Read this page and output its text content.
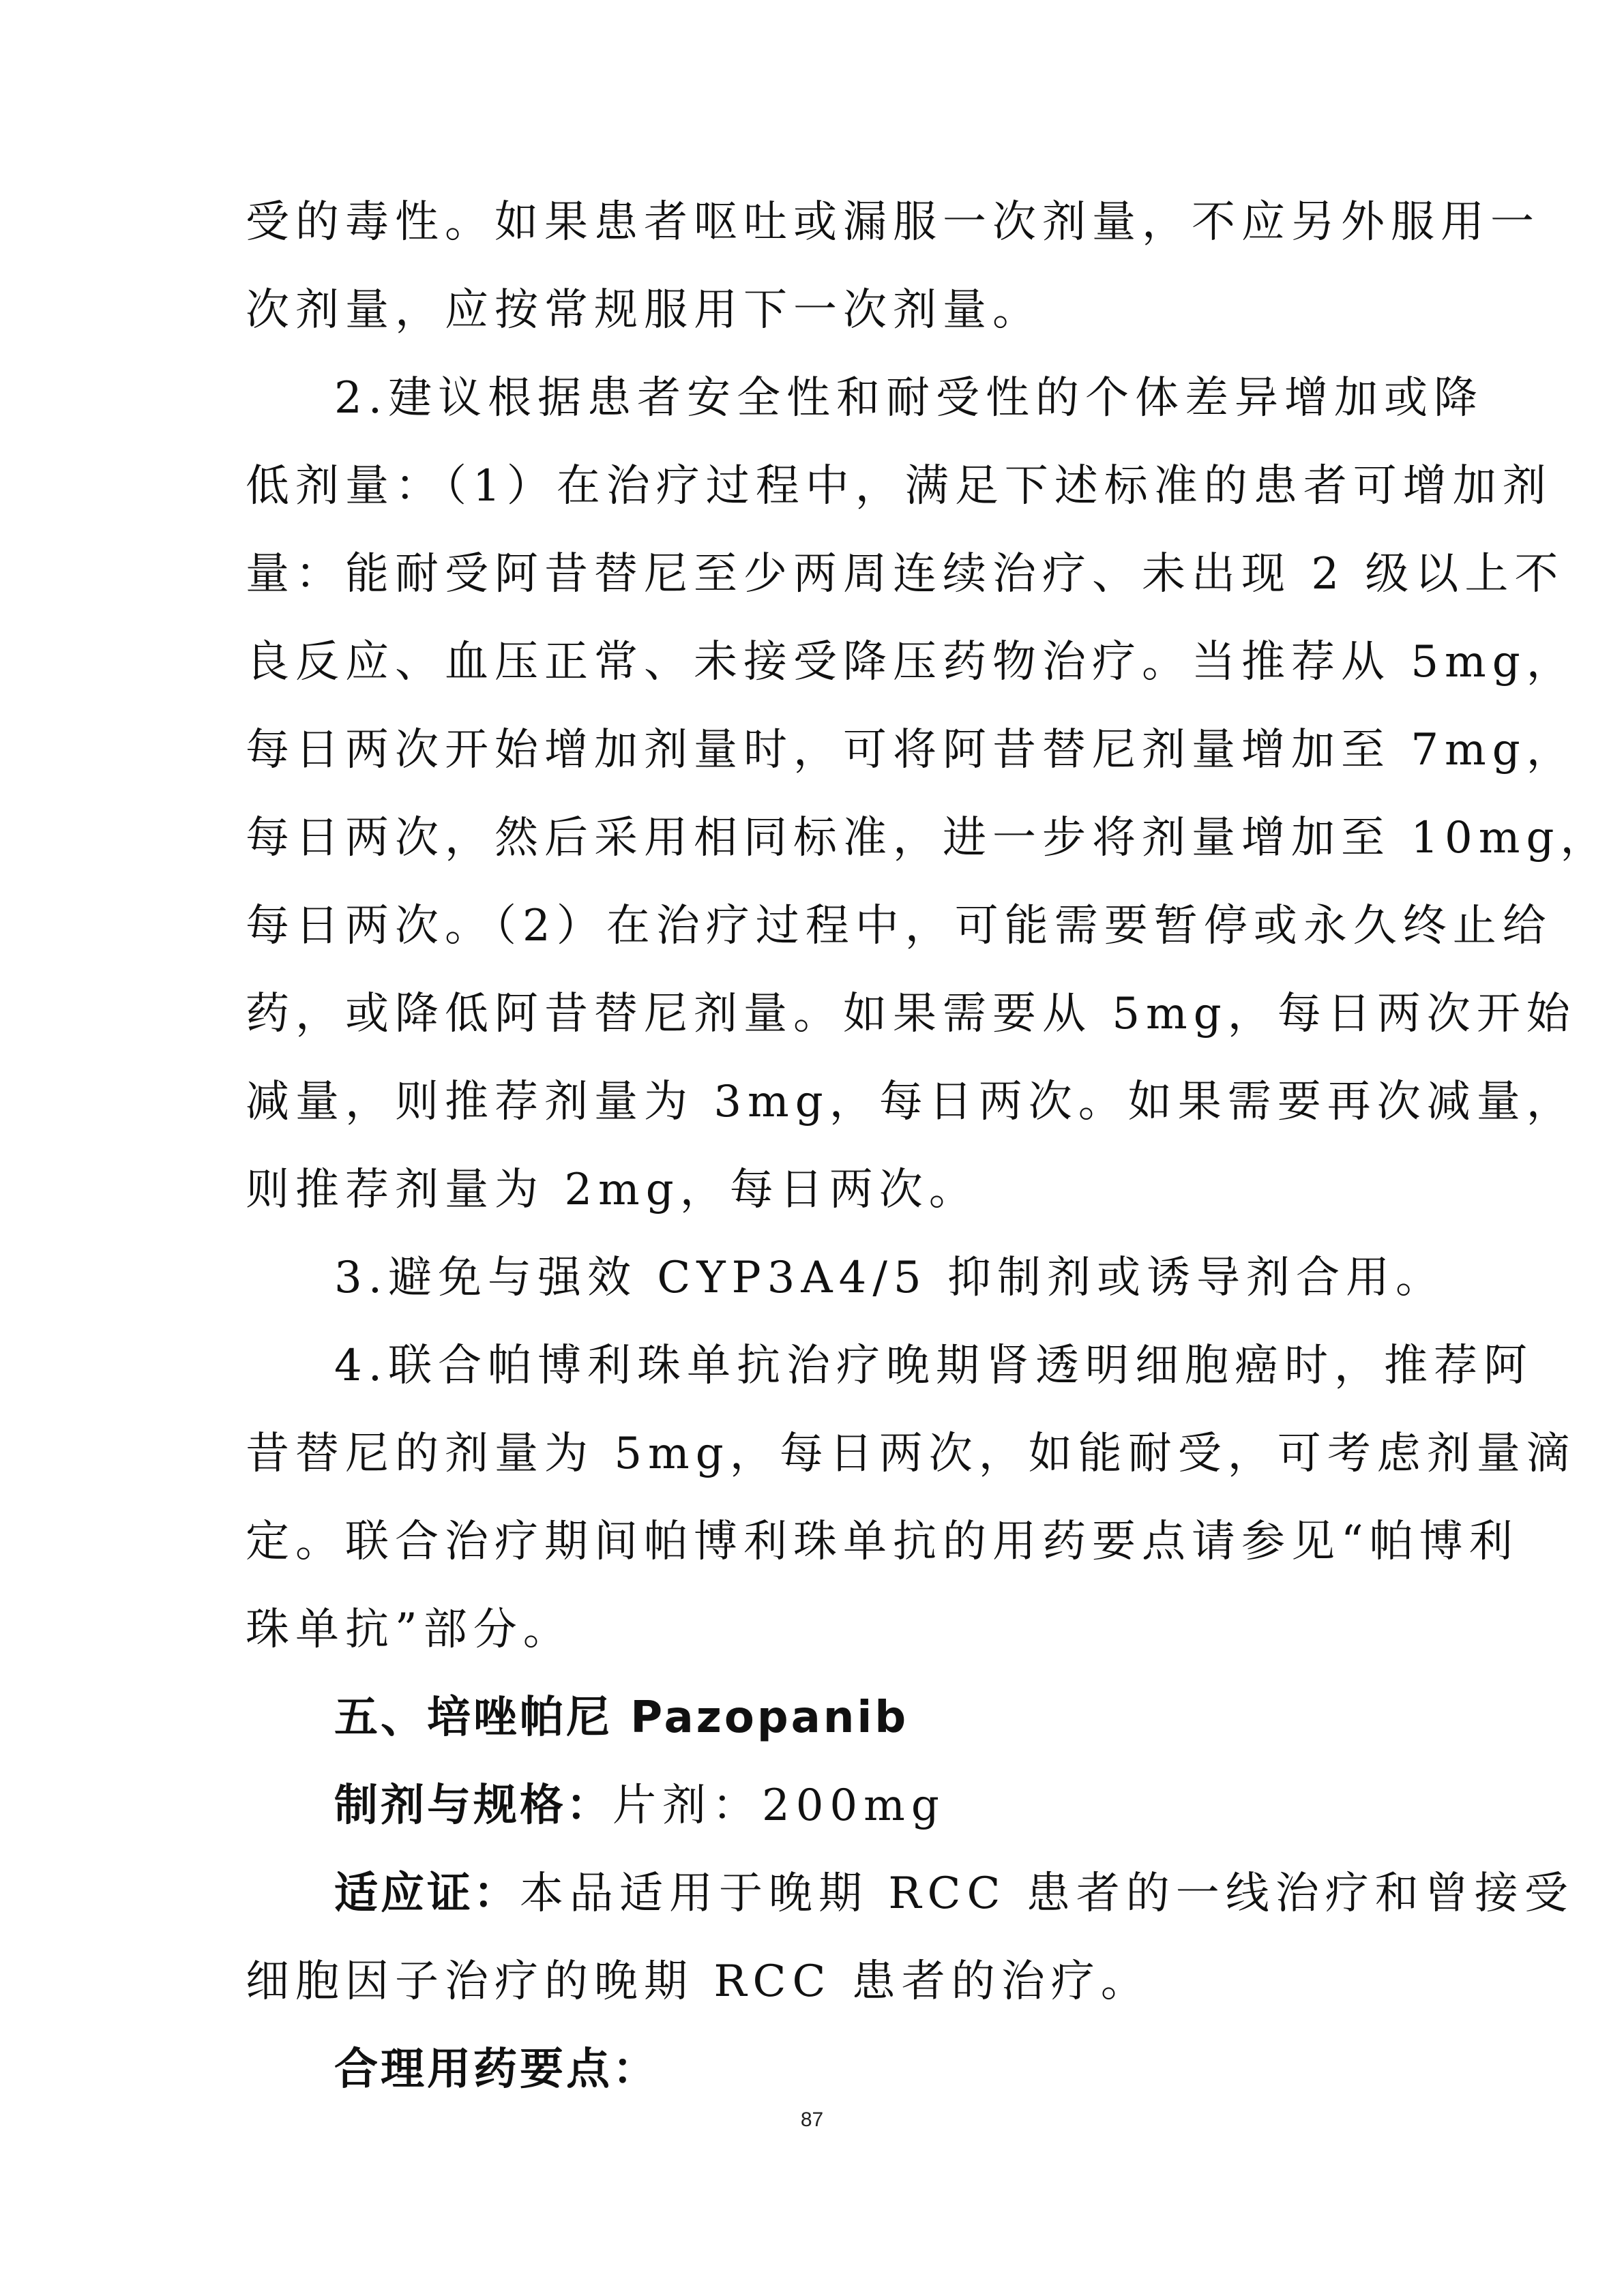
受的毒性。如果患者呕吐或漏服一次剂量，不应另外服用一
次剂量，应按常规服用下一次剂量。
2.建议根据患者安全性和耐受性的个体差异增加或降
低剂量：（1）在治疗过程中，满足下述标准的患者可增加剂
量：能耐受阿昔替尼至少两周连续治疗、未出现 2 级以上不
良反应、血压正常、未接受降压药物治疗。当推荐从 5mg，
每日两次开始增加剂量时，可将阿昔替尼剂量增加至 7mg，
每日两次，然后采用相同标准，进一步将剂量增加至 10mg，
每日两次。（2）在治疗过程中，可能需要暂停或永久终止给
药，或降低阿昔替尼剂量。如果需要从 5mg，每日两次开始
减量，则推荐剂量为 3mg，每日两次。如果需要再次减量，
则推荐剂量为 2mg，每日两次。
3.避免与强效 CYP3A4/5 抑制剂或诱导剂合用。
4.联合帕博利珠单抗治疗晚期肾透明细胞癌时，推荐阿
昔替尼的剂量为 5mg，每日两次，如能耐受，可考虑剂量滴
定。联合治疗期间帕博利珠单抗的用药要点请参见“帕博利
珠单抗”部分。
五、培唑帕尼 Pazopanib
制剂与规格：片剂：200mg
适应证：本品适用于晚期 RCC 患者的一线治疗和曾接受
细胞因子治疗的晚期 RCC 患者的治疗。
合理用药要点：
87
